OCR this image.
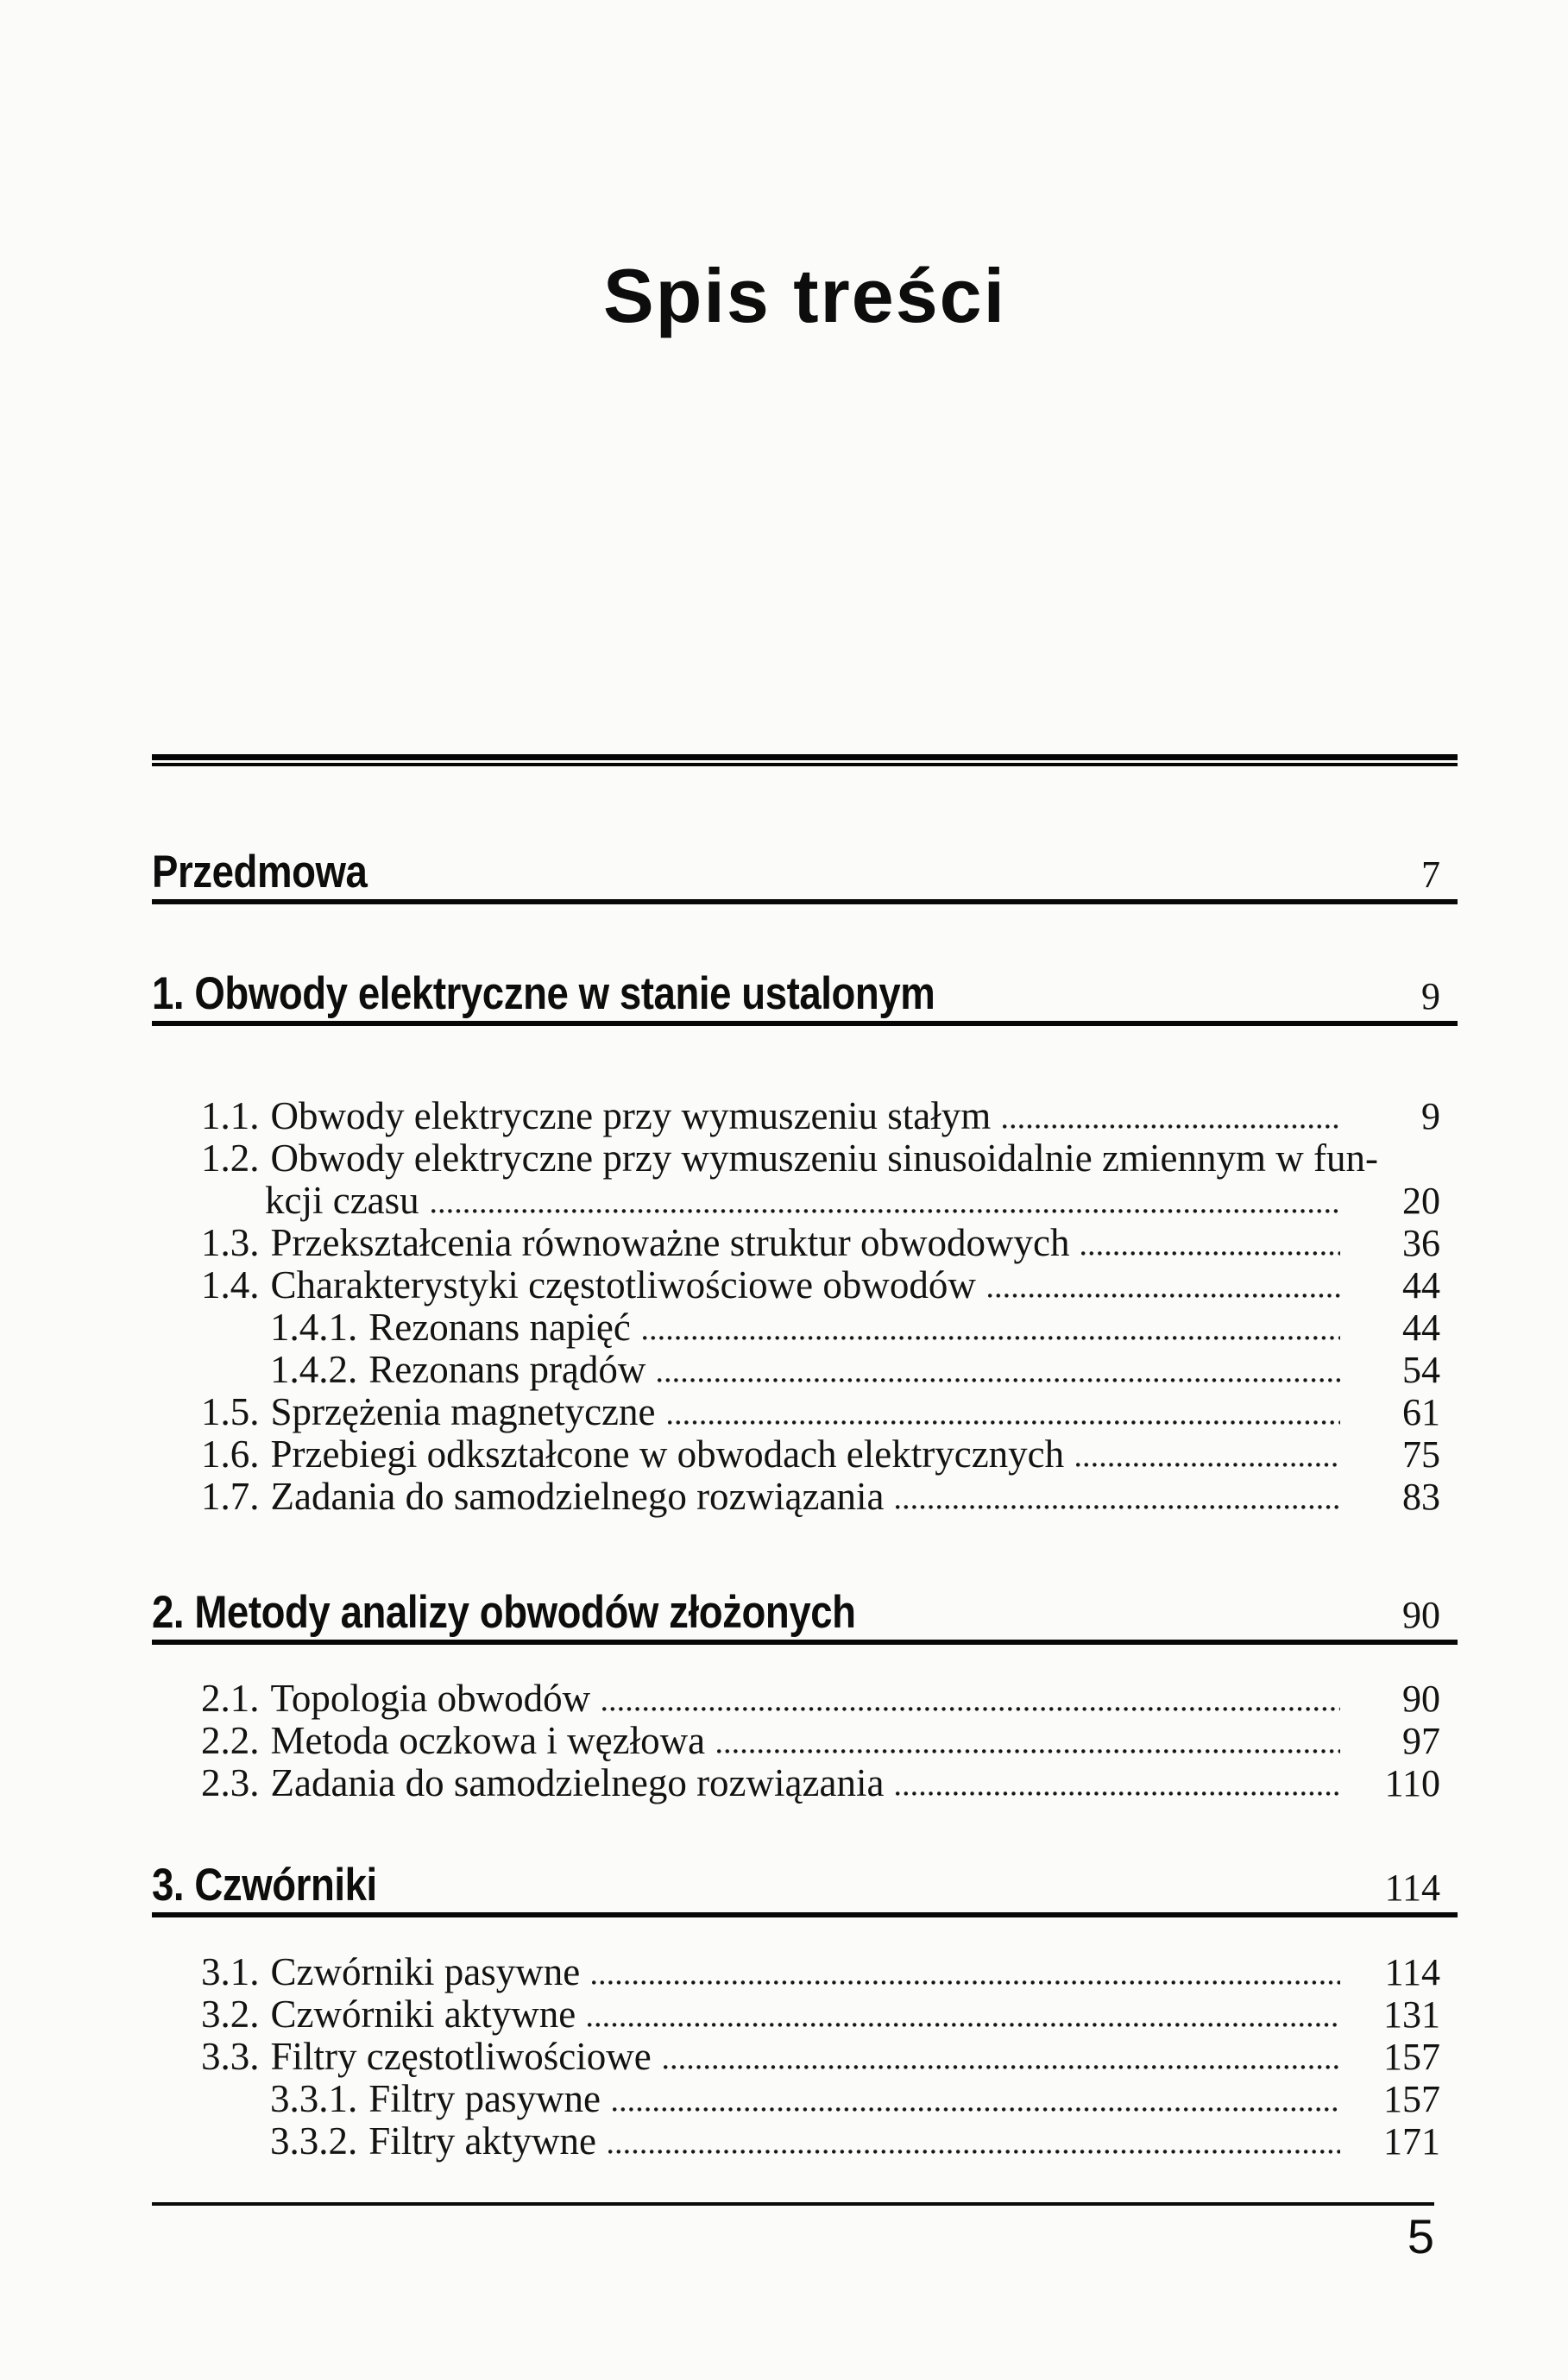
Spis treści
Przedmowa	7
1. Obwody elektryczne w stanie ustalonym	9
1.1. Obwody elektryczne przy wymuszeniu stałym	9
1.2. Obwody elektryczne przy wymuszeniu sinusoidalnie zmiennym w fun-
kcji czasu	20
1.3. Przekształcenia równoważne struktur obwodowych	36
1.4. Charakterystyki częstotliwościowe obwodów	44
1.4.1. Rezonans napięć	44
1.4.2. Rezonans prądów	54
1.5. Sprzężenia magnetyczne	61
1.6. Przebiegi odkształcone w obwodach elektrycznych	75
1.7. Zadania do samodzielnego rozwiązania	83
2. Metody analizy obwodów złożonych	90
2.1. Topologia obwodów	90
2.2. Metoda oczkowa i węzłowa	97
2.3. Zadania do samodzielnego rozwiązania	110
3. Czwórniki	114
3.1. Czwórniki pasywne	114
3.2. Czwórniki aktywne	131
3.3. Filtry częstotliwościowe	157
3.3.1. Filtry pasywne	157
3.3.2. Filtry aktywne	171
5
